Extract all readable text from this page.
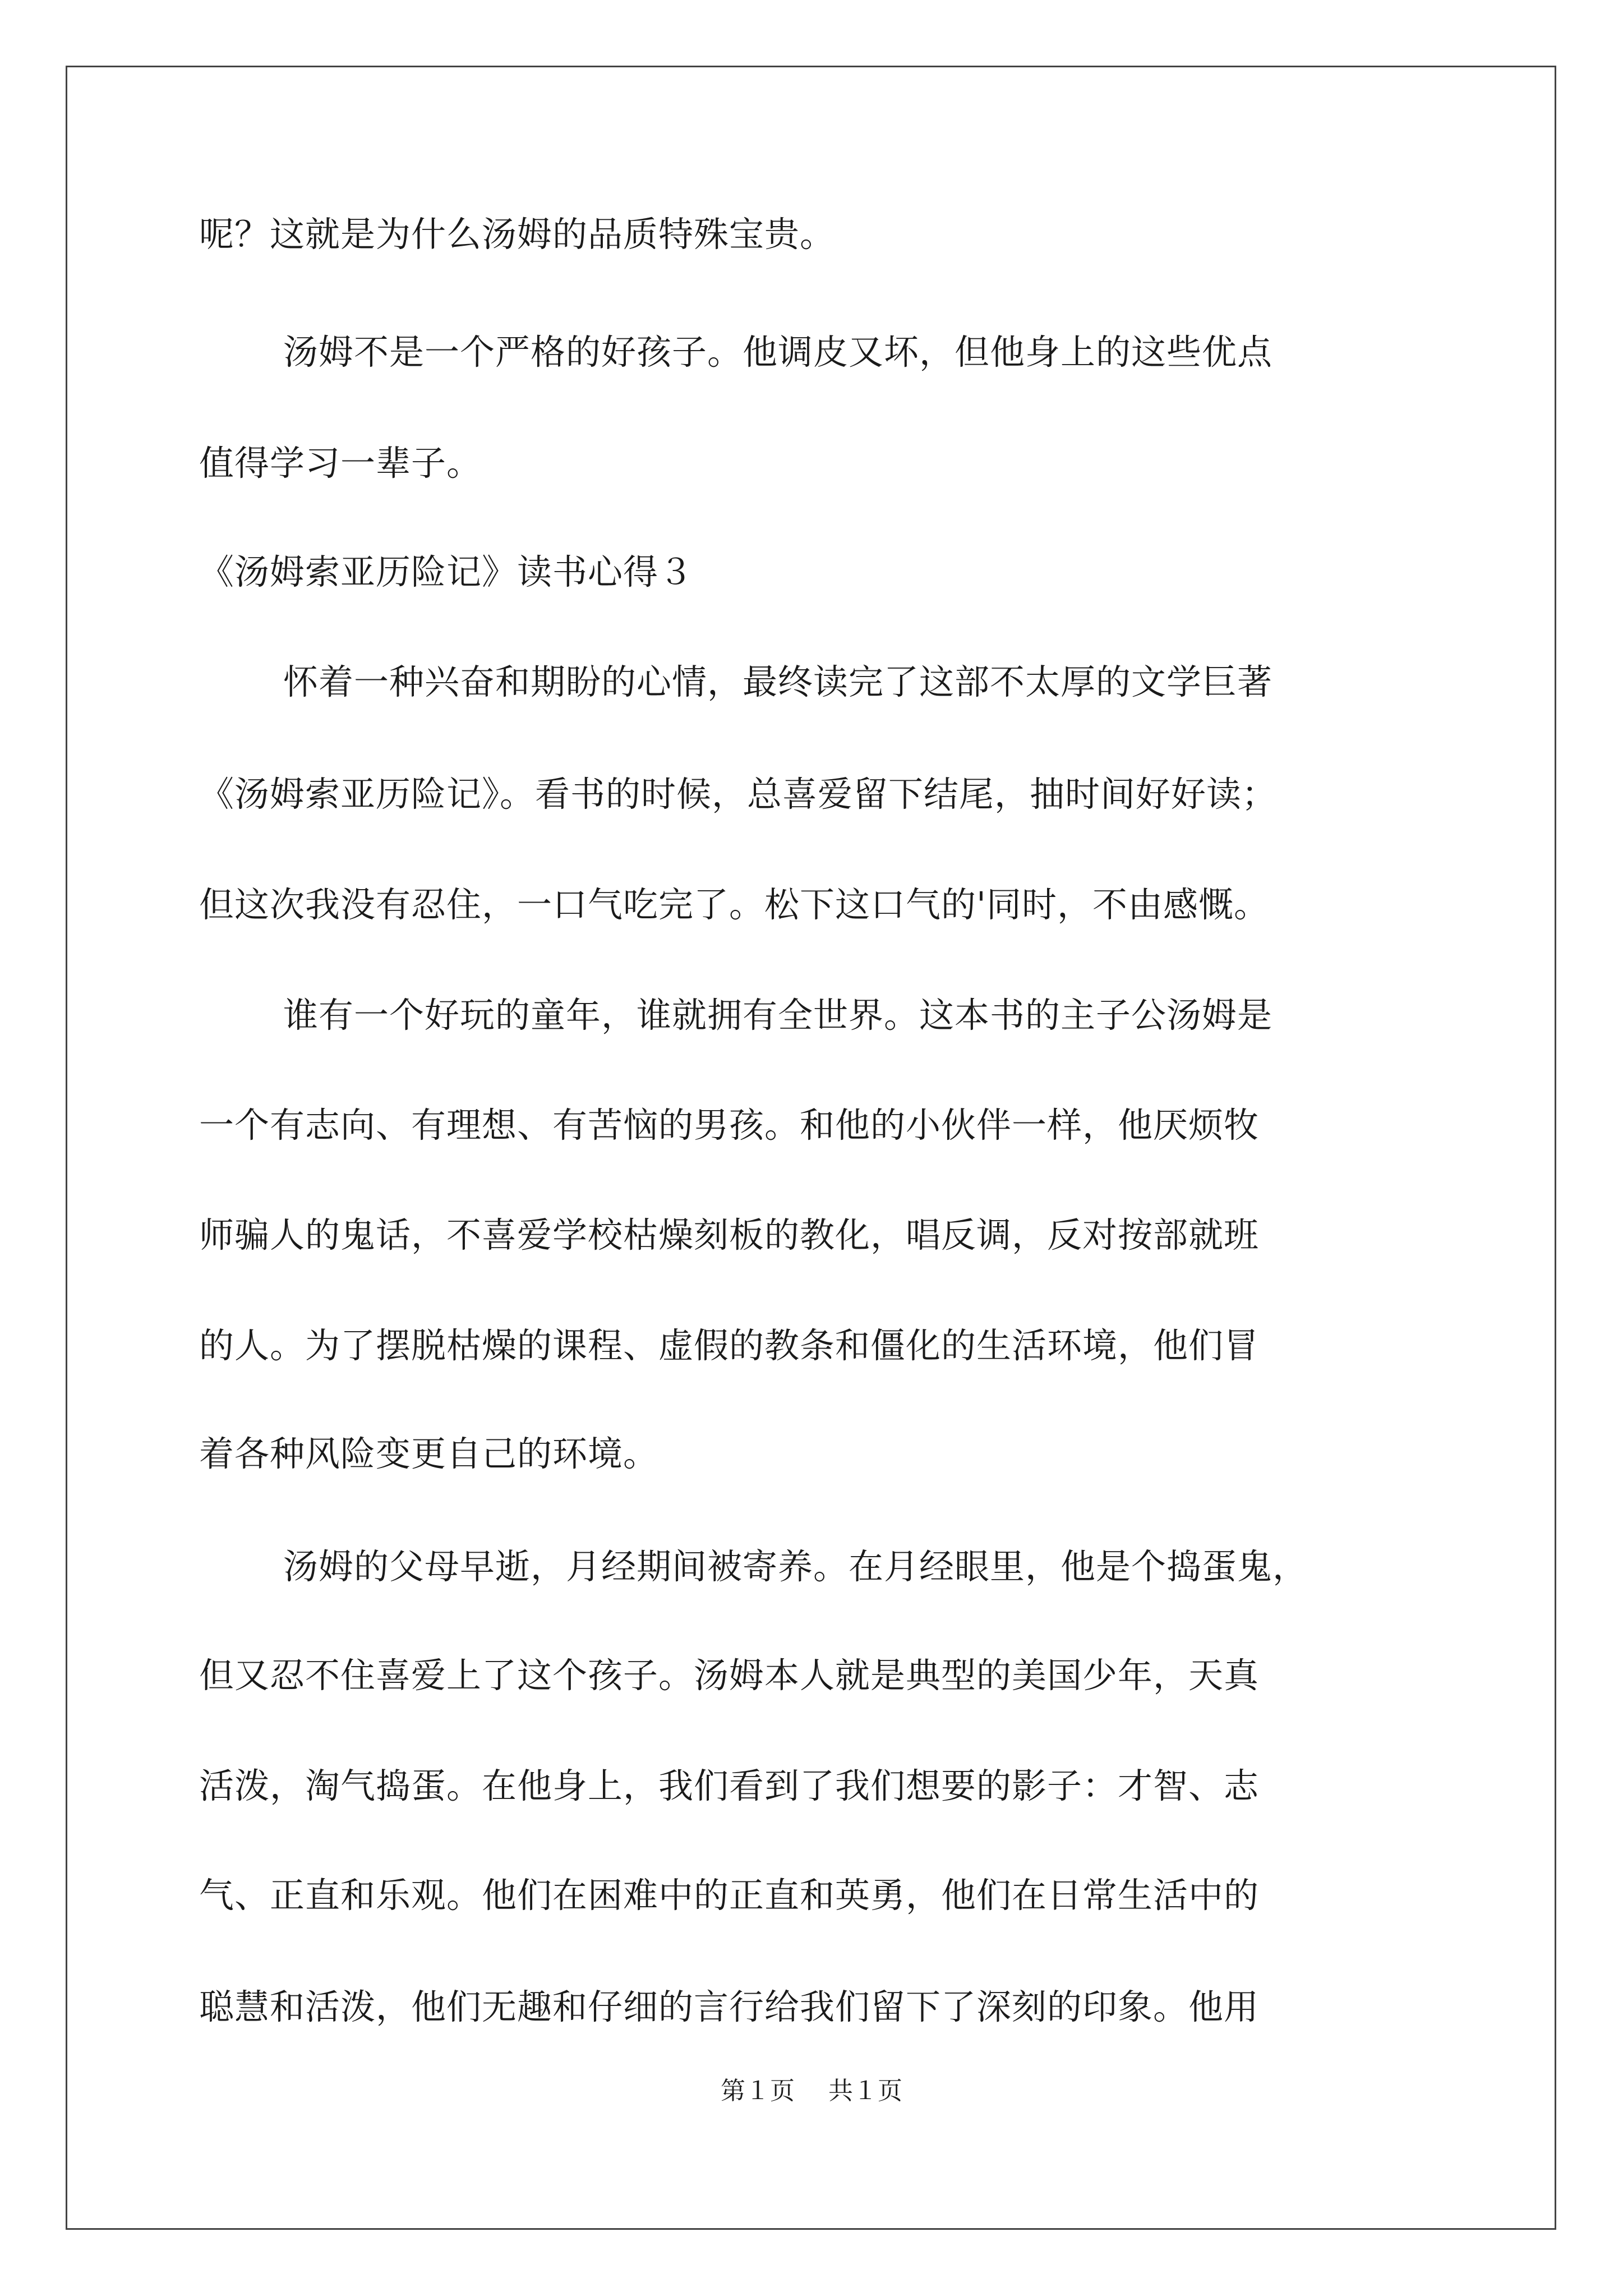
呢？这就是为什么汤姆的品质特殊宝贵。
汤姆不是一个严格的好孩子。他调皮又坏，但他身上的这些优点
值得学习一辈子。
《汤姆索亚历险记》读书心得３
怀着一种兴奋和期盼的心情，最终读完了这部不太厚的文学巨著
《汤姆索亚历险记》。看书的时候，总喜爱留下结尾，抽时间好好读；
但这次我没有忍住，一口气吃完了。松下这口气的'同时，不由感慨。
谁有一个好玩的童年，谁就拥有全世界。这本书的主子公汤姆是
一个有志向、有理想、有苦恼的男孩。和他的小伙伴一样，他厌烦牧
师骗人的鬼话，不喜爱学校枯燥刻板的教化，唱反调，反对按部就班
的人。为了摆脱枯燥的课程、虚假的教条和僵化的生活环境，他们冒
着各种风险变更自己的环境。
汤姆的父母早逝，月经期间被寄养。在月经眼里，他是个捣蛋鬼，
但又忍不住喜爱上了这个孩子。汤姆本人就是典型的美国少年，天真
活泼，淘气捣蛋。在他身上，我们看到了我们想要的影子：才智、志
气、正直和乐观。他们在困难中的正直和英勇，他们在日常生活中的
聪慧和活泼，他们无趣和仔细的言行给我们留下了深刻的印象。他用
第１页 共１页
